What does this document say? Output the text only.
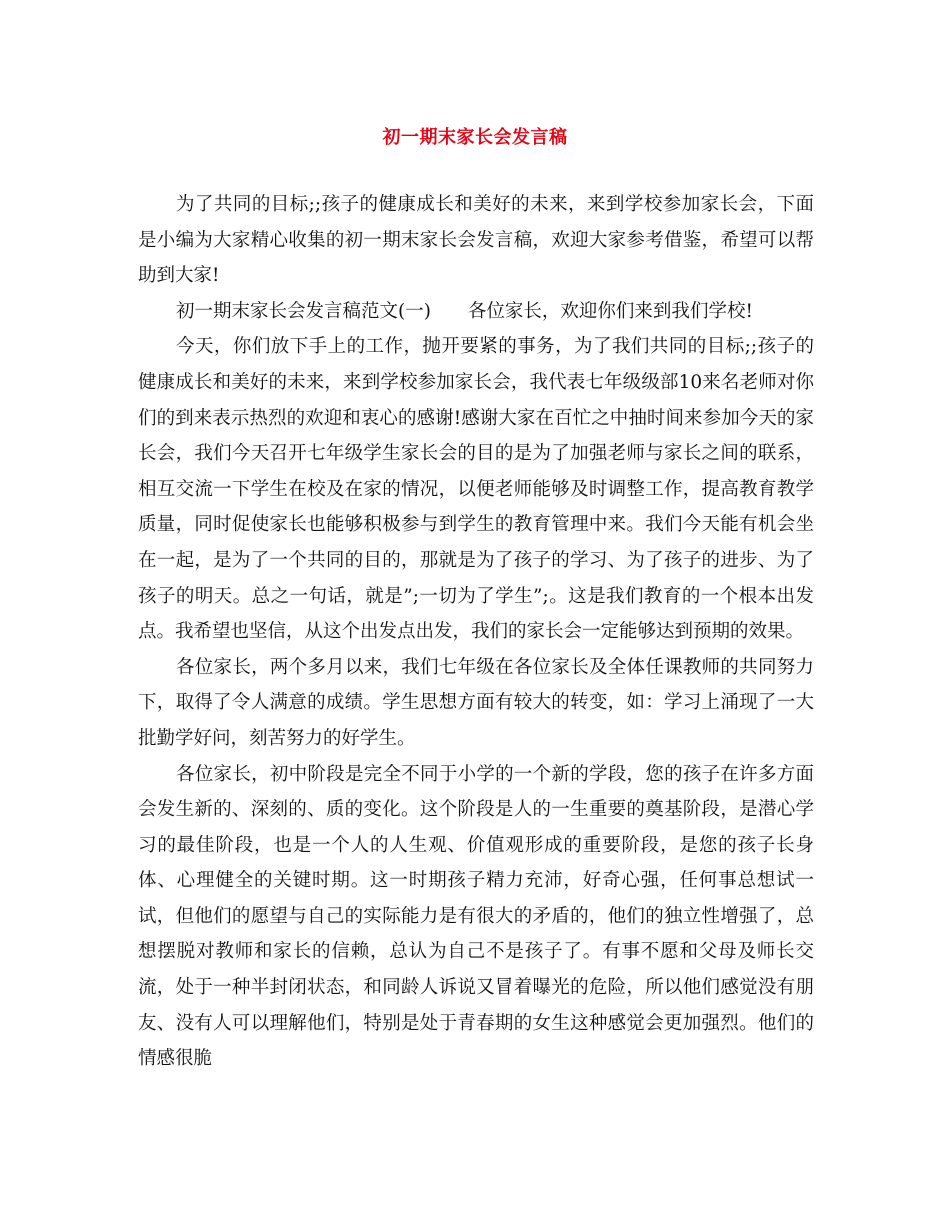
初一期末家长会发言稿

为了共同的目标;;孩子的健康成长和美好的未来，来到学校参加家长会，下面是小编为大家精心收集的初一期末家长会发言稿，欢迎大家参考借鉴，希望可以帮助到大家!

初一期末家长会发言稿范文(一)　　各位家长，欢迎你们来到我们学校!

今天，你们放下手上的工作，抛开要紧的事务，为了我们共同的目标;;孩子的健康成长和美好的未来，来到学校参加家长会，我代表七年级级部10来名老师对你们的到来表示热烈的欢迎和衷心的感谢!感谢大家在百忙之中抽时间来参加今天的家长会，我们今天召开七年级学生家长会的目的是为了加强老师与家长之间的联系，相互交流一下学生在校及在家的情况，以便老师能够及时调整工作，提高教育教学质量，同时促使家长也能够积极参与到学生的教育管理中来。我们今天能有机会坐在一起，是为了一个共同的目的，那就是为了孩子的学习、为了孩子的进步、为了孩子的明天。总之一句话，就是”;一切为了学生”;。这是我们教育的一个根本出发点。我希望也坚信，从这个出发点出发，我们的家长会一定能够达到预期的效果。

各位家长，两个多月以来，我们七年级在各位家长及全体任课教师的共同努力下，取得了令人满意的成绩。学生思想方面有较大的转变，如：学习上涌现了一大批勤学好问，刻苦努力的好学生。

各位家长，初中阶段是完全不同于小学的一个新的学段，您的孩子在许多方面会发生新的、深刻的、质的变化。这个阶段是人的一生重要的奠基阶段，是潜心学习的最佳阶段，也是一个人的人生观、价值观形成的重要阶段，是您的孩子长身体、心理健全的关键时期。这一时期孩子精力充沛，好奇心强，任何事总想试一试，但他们的愿望与自己的实际能力是有很大的矛盾的，他们的独立性增强了，总想摆脱对教师和家长的信赖，总认为自己不是孩子了。有事不愿和父母及师长交流，处于一种半封闭状态，和同龄人诉说又冒着曝光的危险，所以他们感觉没有朋友、没有人可以理解他们，特别是处于青春期的女生这种感觉会更加强烈。他们的情感很脆
